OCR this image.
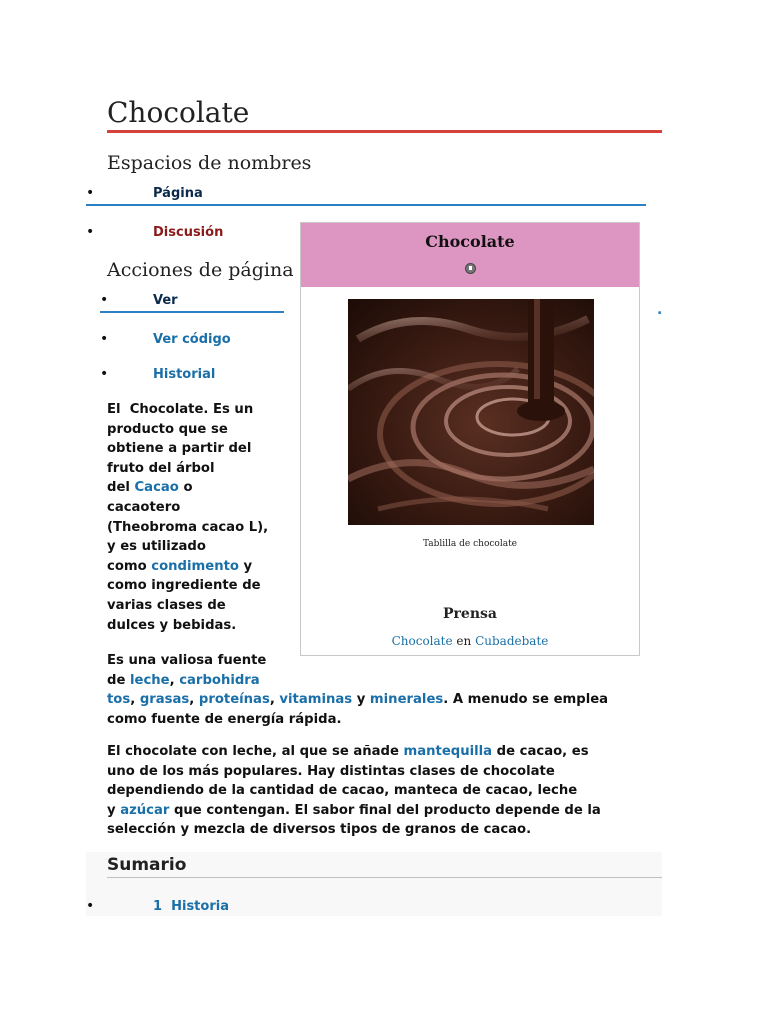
Chocolate
Espacios de nombres
•	Página
•	Discusión
Acciones de página
•	Ver
.
•	Ver código
•	Historial
Chocolate
Tablilla de chocolate
Prensa
Chocolate en Cubadebate
El  Chocolate. Es un
producto que se
obtiene a partir del
fruto del árbol
del Cacao o
cacaotero
(Theobroma cacao L),
y es utilizado
como condimento y
como ingrediente de
varias clases de
dulces y bebidas.
Es una valiosa fuente
de leche, carbohidra
tos, grasas, proteínas, vitaminas y minerales. A menudo se emplea
como fuente de energía rápida.
El chocolate con leche, al que se añade mantequilla de cacao, es
uno de los más populares. Hay distintas clases de chocolate
dependiendo de la cantidad de cacao, manteca de cacao, leche
y azúcar que contengan. El sabor final del producto depende de la
selección y mezcla de diversos tipos de granos de cacao.
Sumario
•	1 Historia
